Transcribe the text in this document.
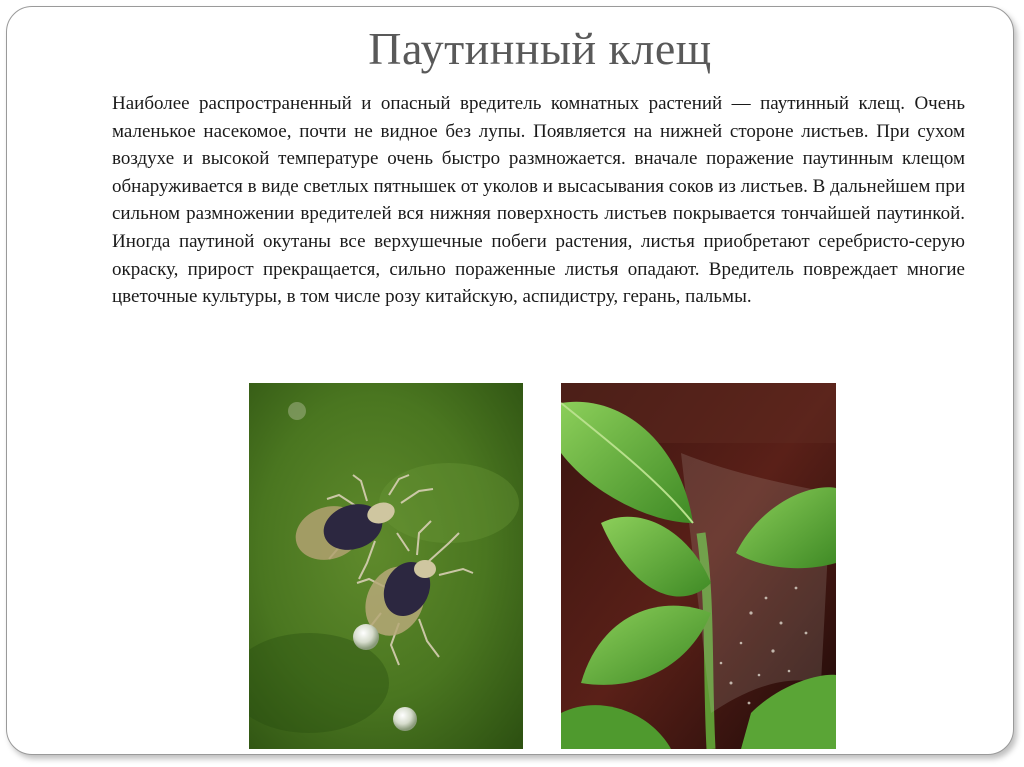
Паутинный клещ
Наиболее распространенный и опасный вредитель комнатных растений — паутинный клещ. Очень маленькое насекомое, почти не видное без лупы. Появляется на нижней стороне листьев. При сухом воздухе и высокой температуре очень быстро размножается. вначале поражение паутинным клещом обнаруживается в виде светлых пятнышек от уколов и высасывания соков из листьев. В дальнейшем при сильном размножении вредителей вся нижняя поверхность листьев покрывается тончайшей паутинкой. Иногда паутиной окутаны все верхушечные побеги растения, листья приобретают серебристо-серую окраску, прирост прекращается, сильно пораженные листья опадают. Вредитель повреждает многие цветочные культуры, в том числе розу китайскую, аспидистру, герань, пальмы.
